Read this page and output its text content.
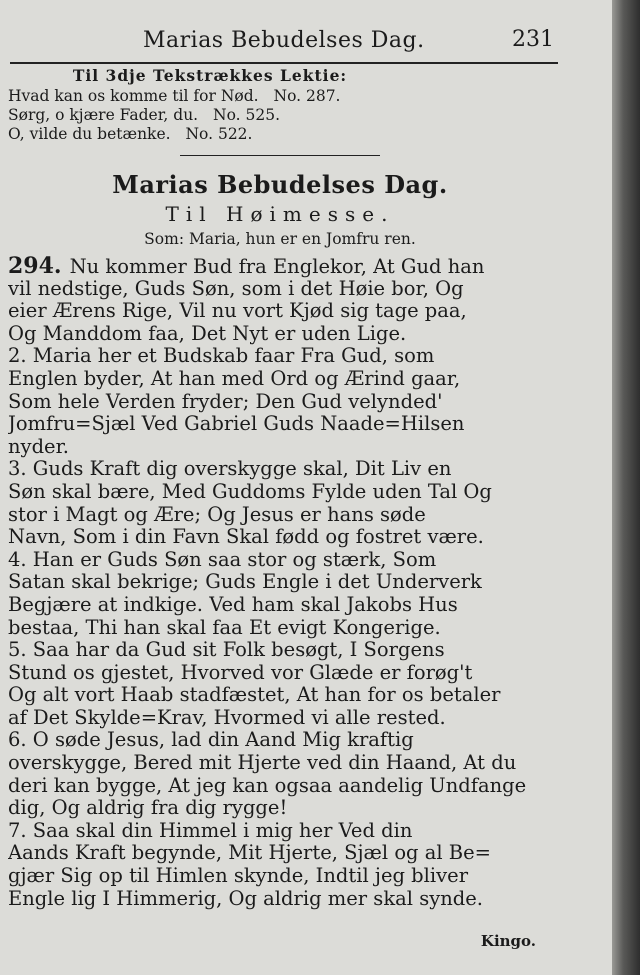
Marias Bebudelses Dag.	231
Til 3dje Tekstrækkes Lektie:
Hvad kan os komme til for Nød. No. 287.
Sørg, o kjære Fader, du. No. 525.
O, vilde du betænke. No. 522.
Marias Bebudelses Dag.
Til Høimesse.
Som: Maria, hun er en Jomfru ren.
294. Nu kommer Bud fra Englekor, At Gud han
vil nedstige, Guds Søn, som i det Høie bor, Og
eier Ærens Rige, Vil nu vort Kjød sig tage paa,
Og Manddom faa, Det Nyt er uden Lige.
2. Maria her et Budskab faar Fra Gud, som
Englen byder, At han med Ord og Ærind gaar,
Som hele Verden fryder; Den Gud velynded'
Jomfru=Sjæl Ved Gabriel Guds Naade=Hilsen
nyder.
3. Guds Kraft dig overskygge skal, Dit Liv en
Søn skal bære, Med Guddoms Fylde uden Tal Og
stor i Magt og Ære; Og Jesus er hans søde
Navn, Som i din Favn Skal fødd og fostret være.
4. Han er Guds Søn saa stor og stærk, Som
Satan skal bekrige; Guds Engle i det Underverk
Begjære at indkige. Ved ham skal Jakobs Hus
bestaa, Thi han skal faa Et evigt Kongerige.
5. Saa har da Gud sit Folk besøgt, I Sorgens
Stund os gjestet, Hvorved vor Glæde er forøg't
Og alt vort Haab stadfæstet, At han for os betaler
af Det Skylde=Krav, Hvormed vi alle rested.
6. O søde Jesus, lad din Aand Mig kraftig
overskygge, Bered mit Hjerte ved din Haand, At du
deri kan bygge, At jeg kan ogsaa aandelig Undfange
dig, Og aldrig fra dig rygge!
7. Saa skal din Himmel i mig her Ved din
Aands Kraft begynde, Mit Hjerte, Sjæl og al Be=
gjær Sig op til Himlen skynde, Indtil jeg bliver
Engle lig I Himmerig, Og aldrig mer skal synde.
Kingo.
